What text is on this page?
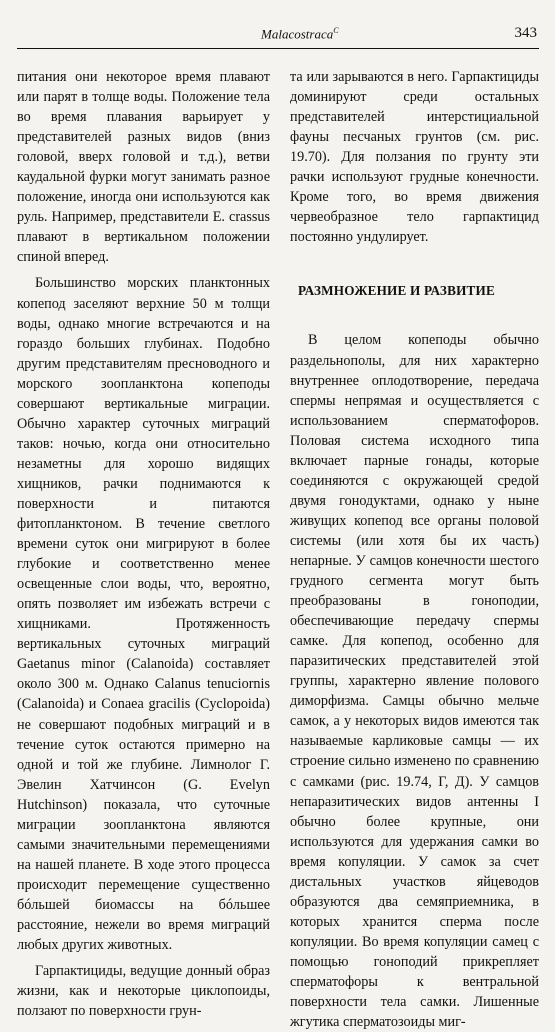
Malacostraca$^C$	343

питания они некоторое время плавают или парят в толще воды. Положение тела во время плавания варьирует у представителей разных видов (вниз головой, вверх головой и т.д.), ветви каудальной фурки могут занимать разное положение, иногда они используются как руль. Например, представители E. crassus плавают в вертикальном положении спиной вперед.

Большинство морских планктонных копепод заселяют верхние 50 м толщи воды, однако многие встречаются и на гораздо больших глубинах. Подобно другим представителям пресноводного и морского зоопланктона копеподы совершают вертикальные миграции. Обычно характер суточных миграций таков: ночью, когда они относительно незаметны для хорошо видящих хищников, рачки поднимаются к поверхности и питаются фитопланктоном. В течение светлого времени суток они мигрируют в более глубокие и соответственно менее освещенные слои воды, что, вероятно, опять позволяет им избежать встречи с хищниками. Протяженность вертикальных суточных миграций Gaetanus minor (Calanoida) составляет около 300 м. Однако Calanus tenuciornis (Calanoida) и Conaea gracilis (Cyclopoida) не совершают подобных миграций и в течение суток остаются примерно на одной и той же глубине. Лимнолог Г. Эвелин Хатчинсон (G. Evelyn Hutchinson) показала, что суточные миграции зоопланктона являются самыми значительными перемещениями на нашей планете. В ходе этого процесса происходит перемещение существенно бóльшей биомассы на бóльшее расстояние, нежели во время миграций любых других животных.

Гарпактициды, ведущие донный образ жизни, как и некоторые циклопоиды, ползают по поверхности грун-

та или зарываются в него. Гарпактициды доминируют среди остальных представителей интерстициальной фауны песчаных грунтов (см. рис. 19.70). Для ползания по грунту эти рачки используют грудные конечности. Кроме того, во время движения червеобразное тело гарпактицид постоянно ундулирует.

РАЗМНОЖЕНИЕ И РАЗВИТИЕ

В целом копеподы обычно раздельнополы, для них характерно внутреннее оплодотворение, передача спермы непрямая и осуществляется с использованием сперматофоров. Половая система исходного типа включает парные гонады, которые соединяются с окружающей средой двумя гонодуктами, однако у ныне живущих копепод все органы половой системы (или хотя бы их часть) непарные. У самцов конечности шестого грудного сегмента могут быть преобразованы в гоноподии, обеспечивающие передачу спермы самке. Для копепод, особенно для паразитических представителей этой группы, характерно явление полового диморфизма. Самцы обычно мельче самок, а у некоторых видов имеются так называемые карликовые самцы — их строение сильно изменено по сравнению с самками (рис. 19.74, Г, Д). У самцов непаразитических видов антенны I обычно более крупные, они используются для удержания самки во время копуляции. У самок за счет дистальных участков яйцеводов образуются два семяприемника, в которых хранится сперма после копуляции. Во время копуляции самец с помощью гоноподий прикрепляет сперматофоры к вентральной поверхности тела самки. Лишенные жгутика сперматозоиды миг-
